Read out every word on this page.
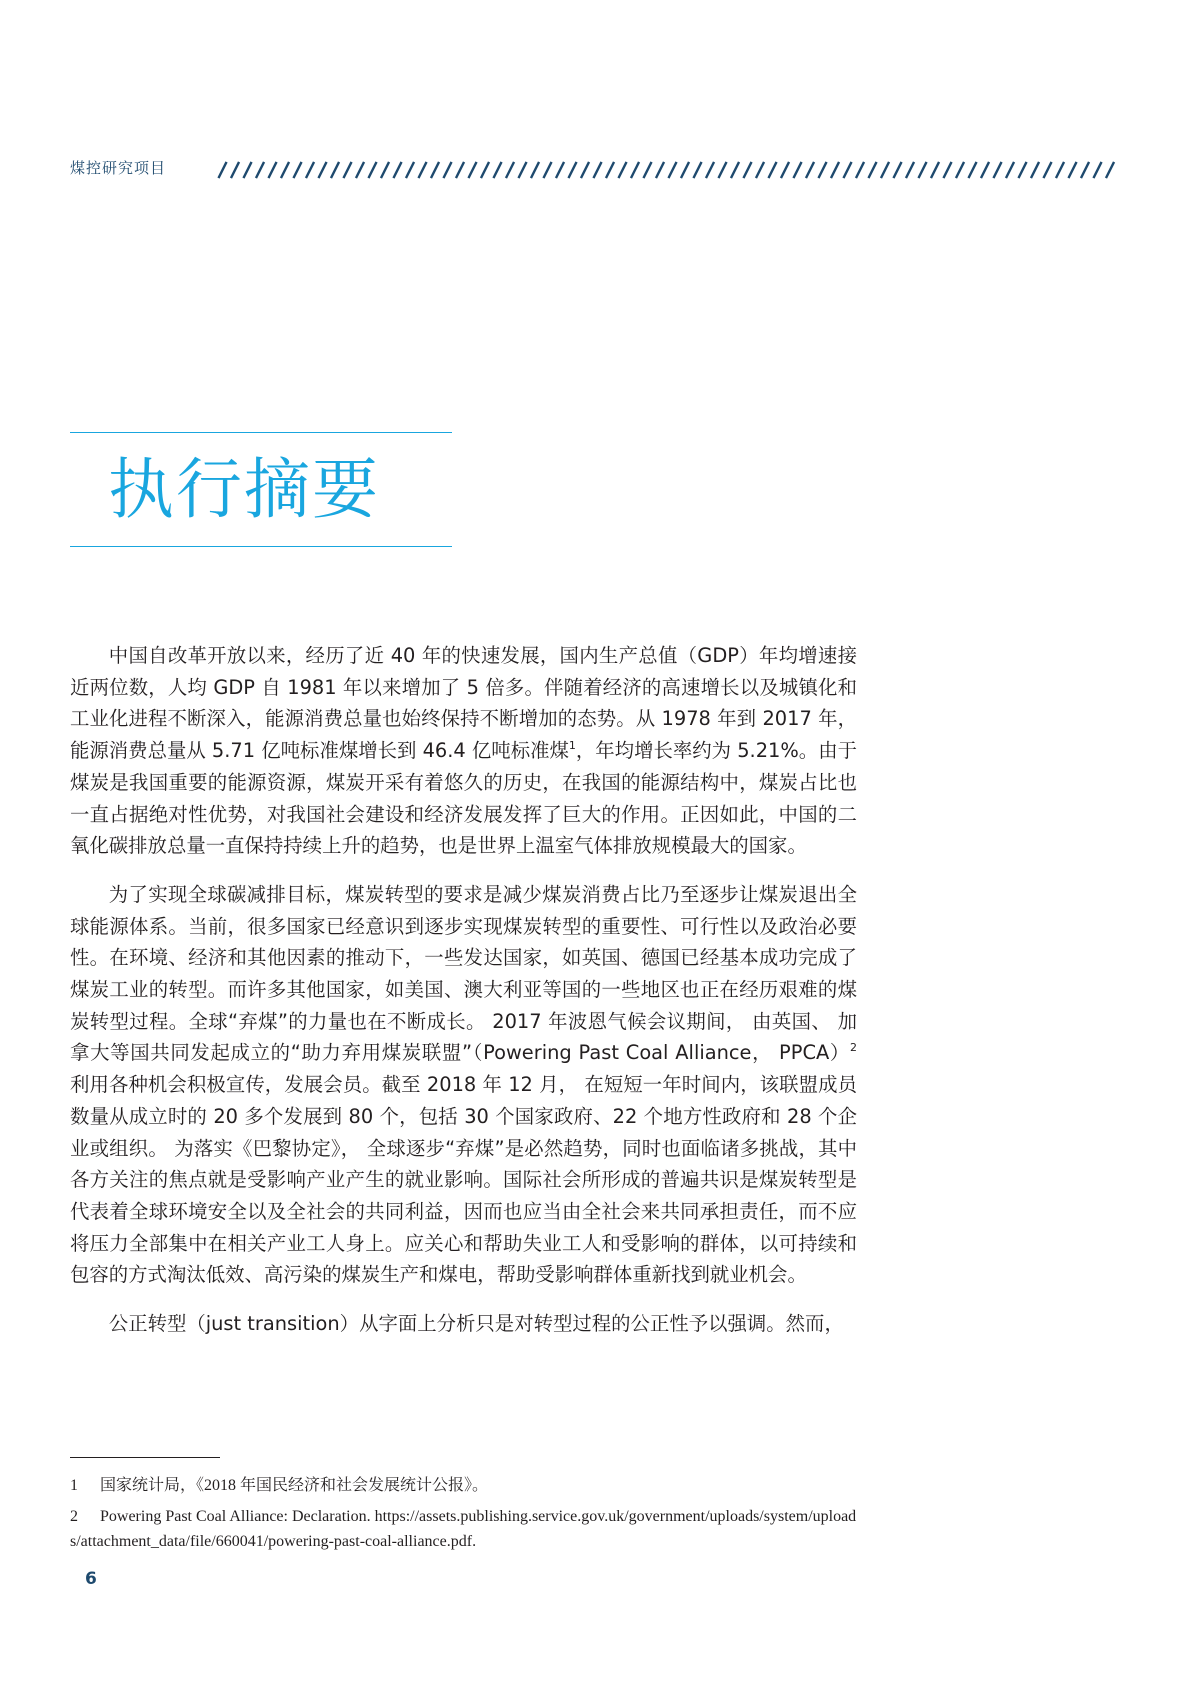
煤控研究项目
执行摘要

中国自改革开放以来，经历了近 40 年的快速发展，国内生产总值（GDP）年均增速接近两位数，人均 GDP 自 1981 年以来增加了 5 倍多。伴随着经济的高速增长以及城镇化和工业化进程不断深入，能源消费总量也始终保持不断增加的态势。从 1978 年到 2017 年，能源消费总量从 5.71 亿吨标准煤增长到 46.4 亿吨标准煤$^1$，年均增长率约为 5.21%。由于煤炭是我国重要的能源资源，煤炭开采有着悠久的历史，在我国的能源结构中，煤炭占比也一直占据绝对性优势，对我国社会建设和经济发展发挥了巨大的作用。正因如此，中国的二氧化碳排放总量一直保持持续上升的趋势，也是世界上温室气体排放规模最大的国家。

为了实现全球碳减排目标，煤炭转型的要求是减少煤炭消费占比乃至逐步让煤炭退出全球能源体系。当前，很多国家已经意识到逐步实现煤炭转型的重要性、可行性以及政治必要性。在环境、经济和其他因素的推动下，一些发达国家，如英国、德国已经基本成功完成了煤炭工业的转型。而许多其他国家，如美国、澳大利亚等国的一些地区也正在经历艰难的煤炭转型过程。全球“弃煤”的力量也在不断成长。 2017 年波恩气候会议期间， 由英国、 加拿大等国共同发起成立的“助力弃用煤炭联盟”（Powering Past Coal Alliance， PPCA）$^2$ 利用各种机会积极宣传，发展会员。截至 2018 年 12 月， 在短短一年时间内，该联盟成员数量从成立时的 20 多个发展到 80 个，包括 30 个国家政府、22 个地方性政府和 28 个企业或组织。 为落实《巴黎协定》， 全球逐步“弃煤”是必然趋势，同时也面临诸多挑战，其中各方关注的焦点就是受影响产业产生的就业影响。国际社会所形成的普遍共识是煤炭转型是代表着全球环境安全以及全社会的共同利益，因而也应当由全社会来共同承担责任，而不应将压力全部集中在相关产业工人身上。应关心和帮助失业工人和受影响的群体，以可持续和包容的方式淘汰低效、高污染的煤炭生产和煤电，帮助受影响群体重新找到就业机会。

公正转型（just transition）从字面上分析只是对转型过程的公正性予以强调。然而，

1 国家统计局，《2018 年国民经济和社会发展统计公报》。

2 Powering Past Coal Alliance: Declaration. https://assets.publishing.service.gov.uk/government/uploads/system/uploads/attachment_data/file/660041/powering-past-coal-alliance.pdf.

6
